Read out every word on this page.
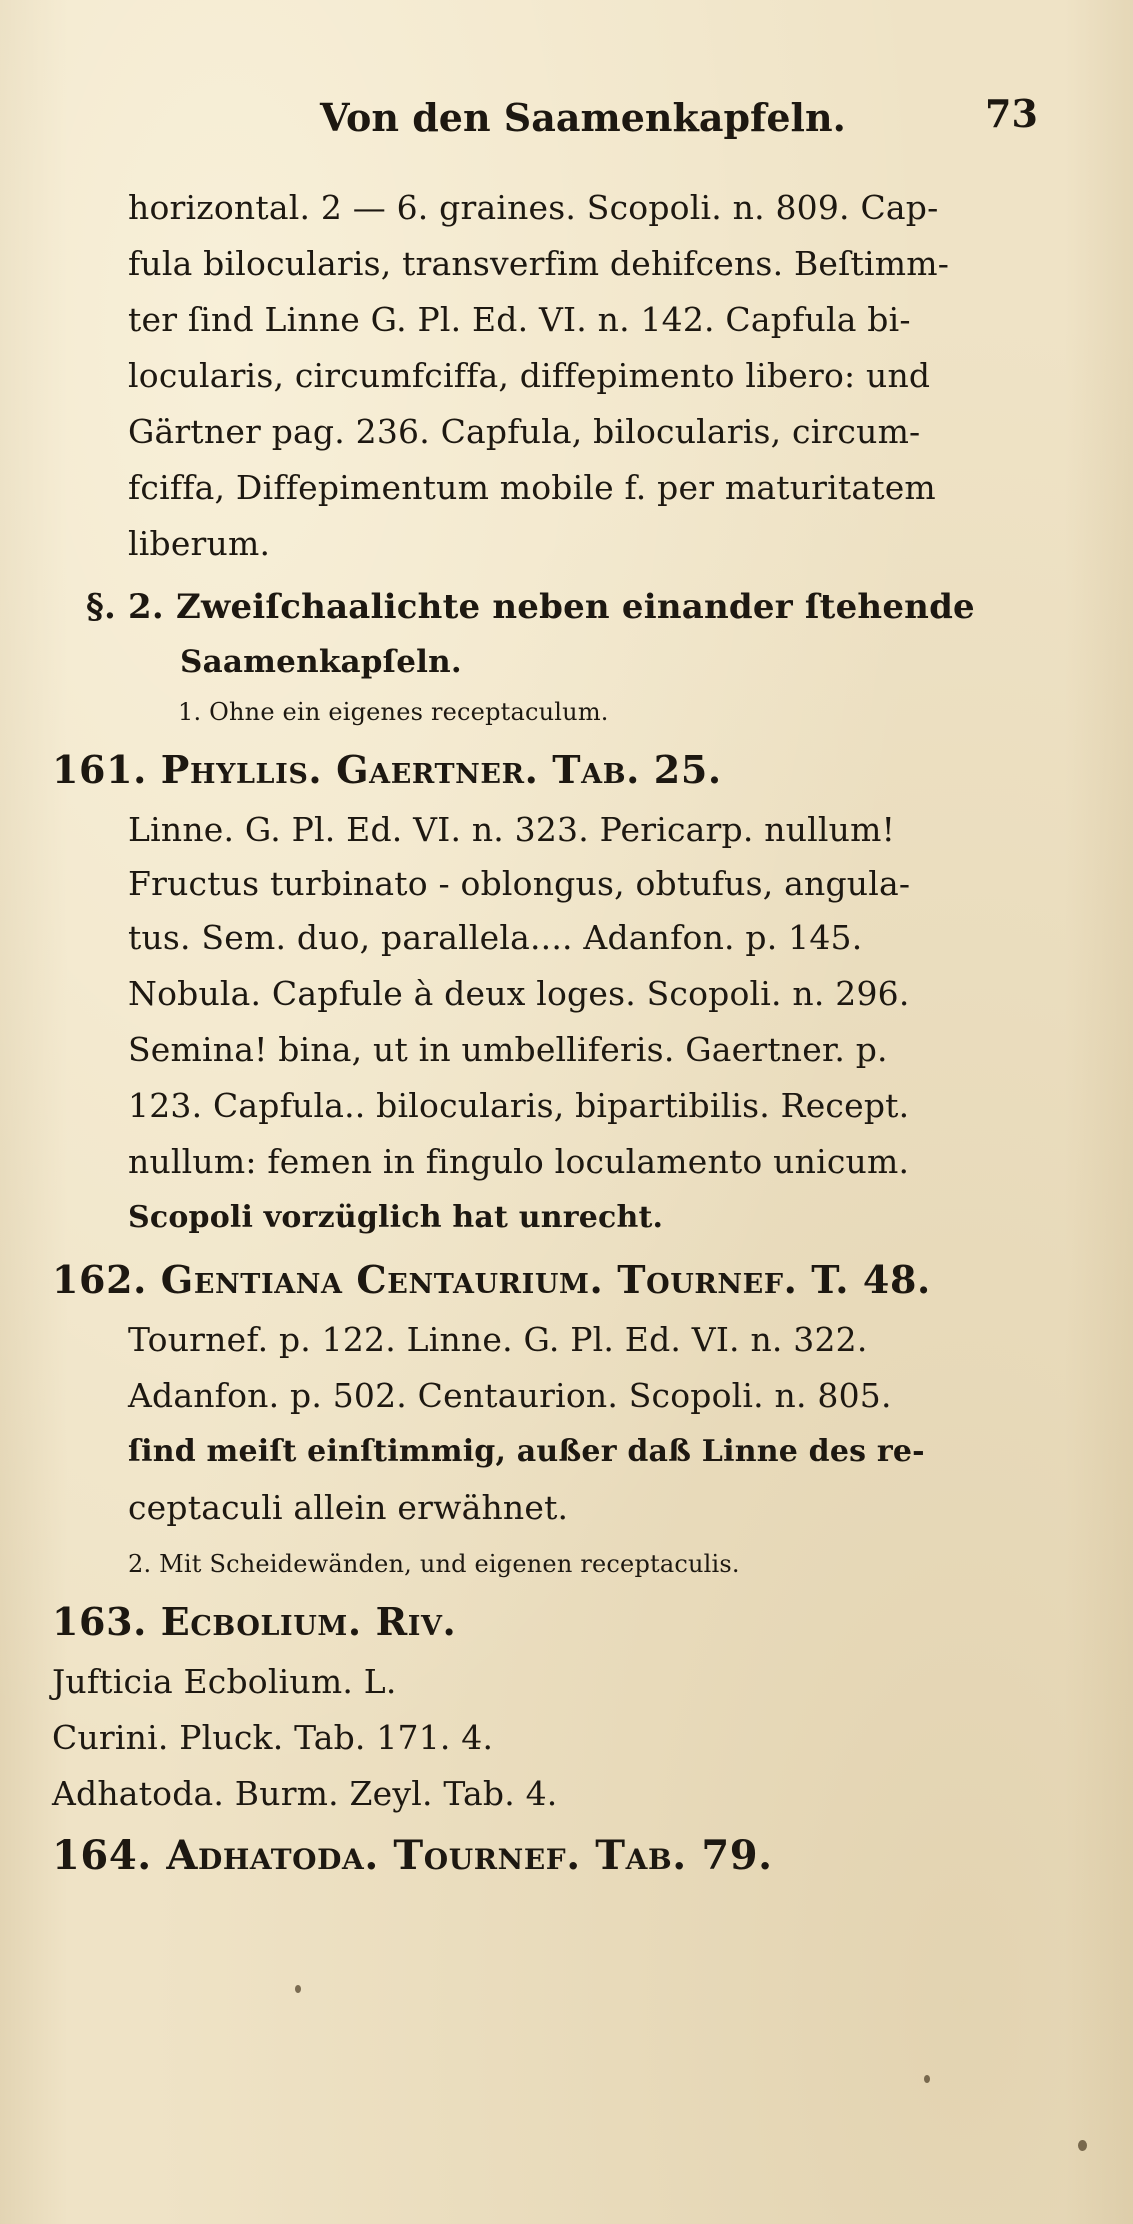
Von den Saamenkapfeln.	73
horizontal. 2 — 6. graines. Scopoli. n. 809. Cap-
fula bilocularis, transverfim dehifcens. Beſtimm-
ter ſind Linne G. Pl. Ed. VI. n. 142. Capfula bi-
locularis, circumfciffa, diffepimento libero: und
Gärtner pag. 236. Capfula, bilocularis, circum-
fciffa, Diffepimentum mobile f. per maturitatem
liberum.
§. 2. Zweiſchaalichte neben einander ſtehende
Saamenkapſeln.
1. Ohne ein eigenes receptaculum.
161. Phyllis. Gaertner. Tab. 25.
Linne. G. Pl. Ed. VI. n. 323. Pericarp. nullum!
Fructus turbinato - oblongus, obtufus, angula-
tus. Sem. duo, parallela.... Adanfon. p. 145.
Nobula. Capfule à deux loges. Scopoli. n. 296.
Semina! bina, ut in umbelliferis. Gaertner. p.
123. Capfula.. bilocularis, bipartibilis. Recept.
nullum: femen in fingulo loculamento unicum.
Scopoli vorzüglich hat unrecht.
162. Gentiana Centaurium. Tournef. T. 48.
Tournef. p. 122. Linne. G. Pl. Ed. VI. n. 322.
Adanfon. p. 502. Centaurion. Scopoli. n. 805.
ſind meiſt einſtimmig, außer daß Linne des re-
ceptaculi allein erwähnet.
2. Mit Scheidewänden, und eigenen receptaculis.
163. Ecbolium. Riv.
Jufticia Ecbolium. L.
Curini. Pluck. Tab. 171. 4.
Adhatoda. Burm. Zeyl. Tab. 4.
164. Adhatoda. Tournef. Tab. 79.
